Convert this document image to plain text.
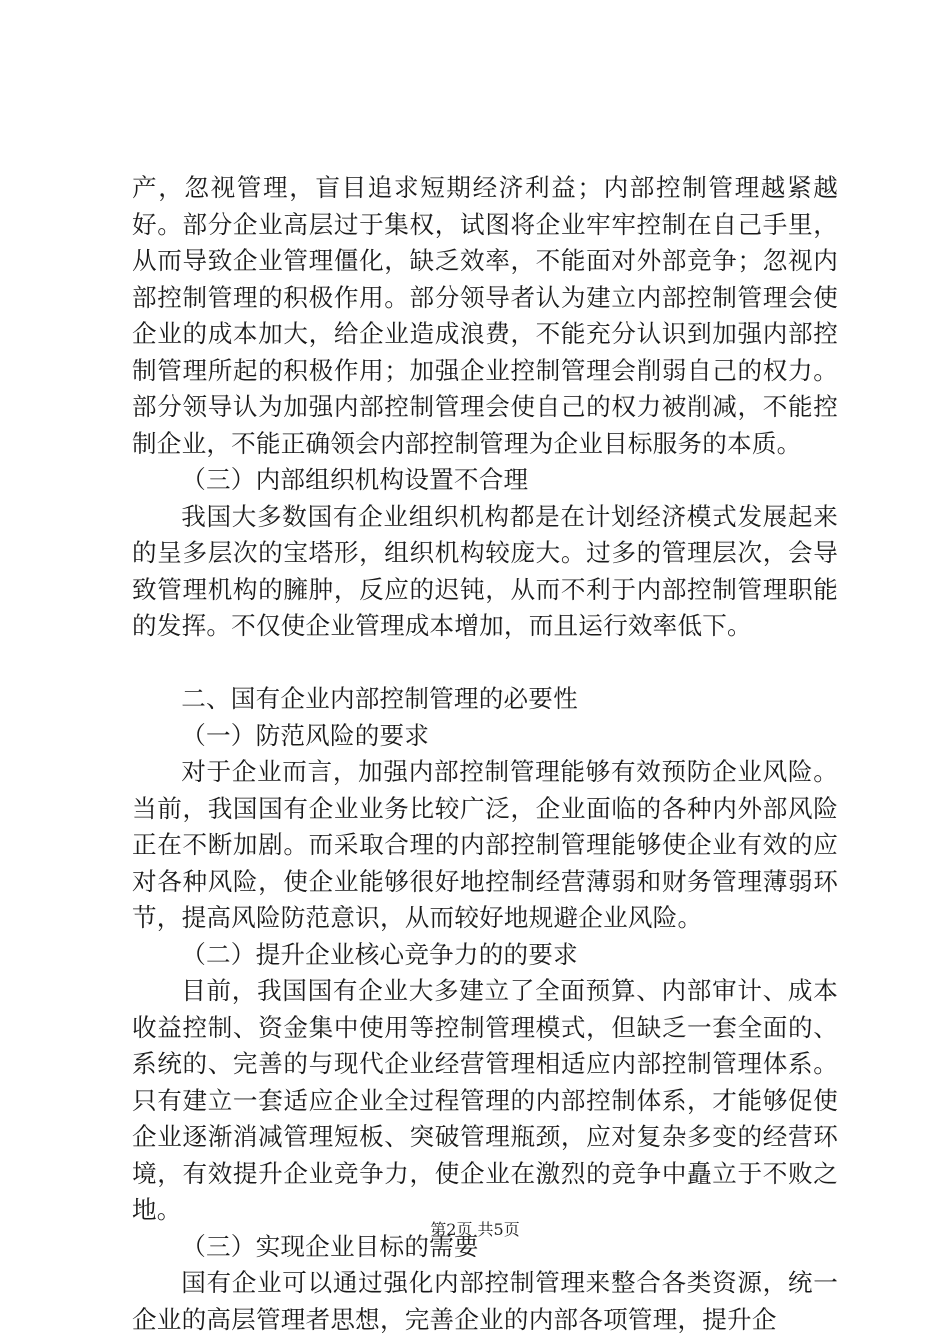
产，忽视管理，盲目追求短期经济利益；内部控制管理越紧越好。部分企业高层过于集权，试图将企业牢牢控制在自己手里，从而导致企业管理僵化，缺乏效率，不能面对外部竞争；忽视内部控制管理的积极作用。部分领导者认为建立内部控制管理会使企业的成本加大，给企业造成浪费，不能充分认识到加强内部控制管理所起的积极作用；加强企业控制管理会削弱自己的权力。部分领导认为加强内部控制管理会使自己的权力被削减，不能控制企业，不能正确领会内部控制管理为企业目标服务的本质。

（三）内部组织机构设置不合理

我国大多数国有企业组织机构都是在计划经济模式发展起来的呈多层次的宝塔形，组织机构较庞大。过多的管理层次，会导致管理机构的臃肿，反应的迟钝，从而不利于内部控制管理职能的发挥。不仅使企业管理成本增加，而且运行效率低下。

二、国有企业内部控制管理的必要性

（一）防范风险的要求

对于企业而言，加强内部控制管理能够有效预防企业风险。当前，我国国有企业业务比较广泛，企业面临的各种内外部风险正在不断加剧。而采取合理的内部控制管理能够使企业有效的应对各种风险，使企业能够很好地控制经营薄弱和财务管理薄弱环节，提高风险防范意识，从而较好地规避企业风险。

（二）提升企业核心竞争力的的要求

目前，我国国有企业大多建立了全面预算、内部审计、成本收益控制、资金集中使用等控制管理模式，但缺乏一套全面的、系统的、完善的与现代企业经营管理相适应内部控制管理体系。只有建立一套适应企业全过程管理的内部控制体系，才能够促使企业逐渐消减管理短板、突破管理瓶颈，应对复杂多变的经营环境，有效提升企业竞争力，使企业在激烈的竞争中矗立于不败之地。

（三）实现企业目标的需要

国有企业可以通过强化内部控制管理来整合各类资源，统一企业的高层管理者思想，完善企业的内部各项管理，提升企

第2页 共5页
